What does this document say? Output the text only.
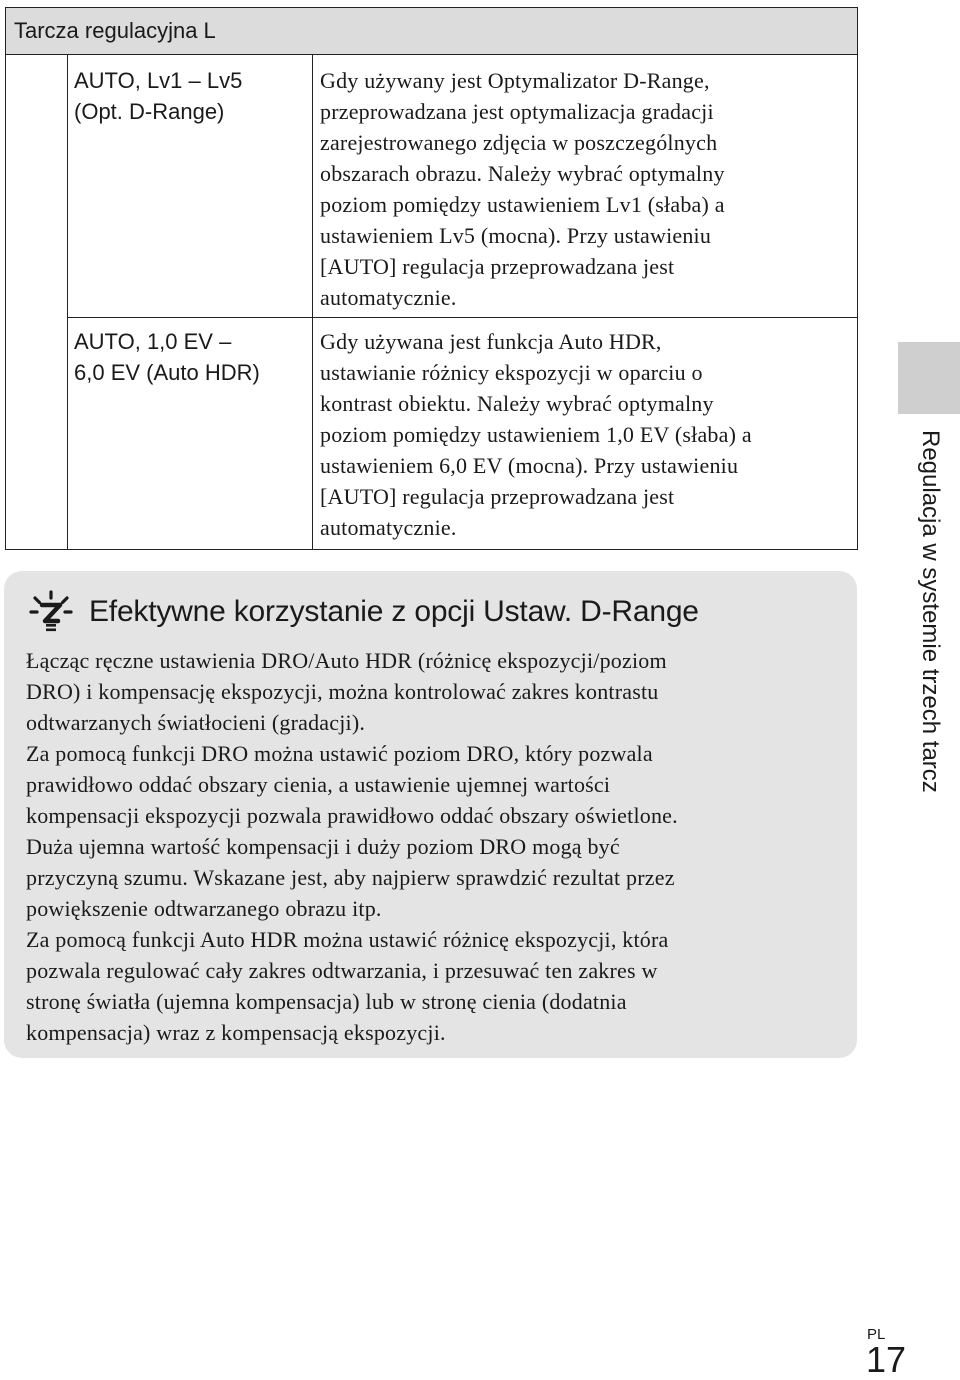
Tarcza regulacyjna L
AUTO, Lv1 – Lv5
(Opt. D-Range)
Gdy używany jest Optymalizator D-Range,
przeprowadzana jest optymalizacja gradacji
zarejestrowanego zdjęcia w poszczególnych
obszarach obrazu. Należy wybrać optymalny
poziom pomiędzy ustawieniem Lv1 (słaba) a
ustawieniem Lv5 (mocna). Przy ustawieniu
[AUTO] regulacja przeprowadzana jest
automatycznie.
AUTO, 1,0 EV –
6,0 EV (Auto HDR)
Gdy używana jest funkcja Auto HDR,
ustawianie różnicy ekspozycji w oparciu o
kontrast obiektu. Należy wybrać optymalny
poziom pomiędzy ustawieniem 1,0 EV (słaba) a
ustawieniem 6,0 EV (mocna). Przy ustawieniu
[AUTO] regulacja przeprowadzana jest
automatycznie.
Efektywne korzystanie z opcji Ustaw. D-Range

Łącząc ręczne ustawienia DRO/Auto HDR (różnicę ekspozycji/poziom
DRO) i kompensację ekspozycji, można kontrolować zakres kontrastu
odtwarzanych światłocieni (gradacji).

Za pomocą funkcji DRO można ustawić poziom DRO, który pozwala
prawidłowo oddać obszary cienia, a ustawienie ujemnej wartości
kompensacji ekspozycji pozwala prawidłowo oddać obszary oświetlone.
Duża ujemna wartość kompensacji i duży poziom DRO mogą być
przyczyną szumu. Wskazane jest, aby najpierw sprawdzić rezultat przez
powiększenie odtwarzanego obrazu itp.

Za pomocą funkcji Auto HDR można ustawić różnicę ekspozycji, która
pozwala regulować cały zakres odtwarzania, i przesuwać ten zakres w
stronę światła (ujemna kompensacja) lub w stronę cienia (dodatnia
kompensacja) wraz z kompensacją ekspozycji.

Regulacja w systemie trzech tarcz
PL
17
